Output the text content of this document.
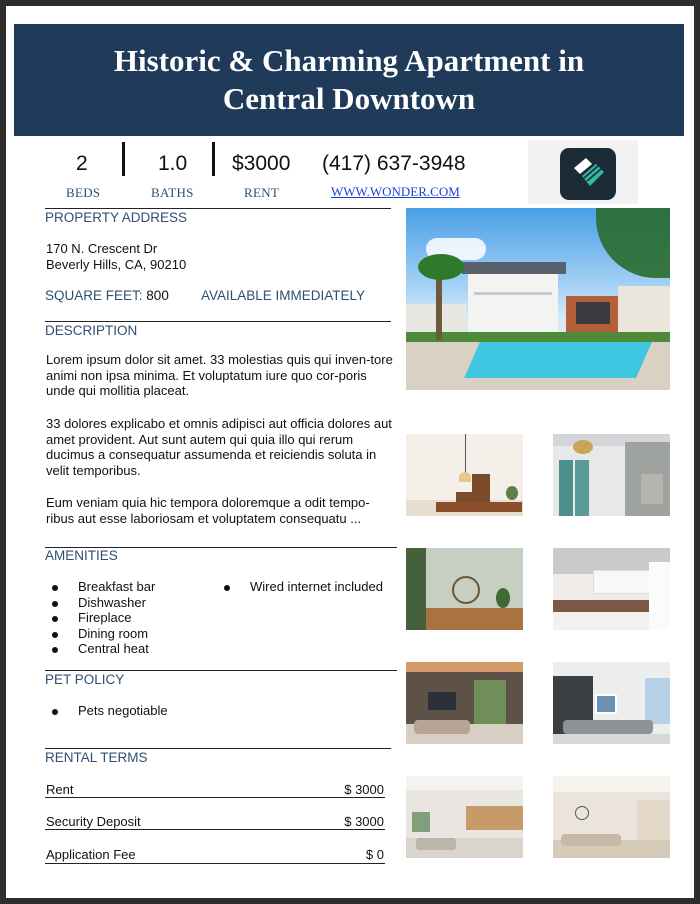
Historic & Charming Apartment in Central Downtown
2	1.0 $3000 (417) 637-3948
BEDS	BATHS	RENT	WWW.WONDER.COM
PROPERTY ADDRESS
170 N. Crescent Dr
Beverly Hills, CA, 90210
SQUARE FEET: 800 AVAILABLE IMMEDIATELY
DESCRIPTION
Lorem ipsum dolor sit amet. 33 molestias quis qui inven-tore animi non ipsa minima. Et voluptatum iure quo cor-poris unde qui mollitia placeat.
33 dolores explicabo et omnis adipisci aut officia dolores aut amet provident. Aut sunt autem qui quia illo qui rerum ducimus a consequatur assumenda et reiciendis soluta in velit temporibus.
Eum veniam quia hic tempora doloremque a odit tempo-ribus aut esse laboriosam et voluptatem consequatu ...
AMENITIES
Breakfast bar
Dishwasher
Fireplace
Dining room
Central heat
Wired internet included
PET POLICY
Pets negotiable
RENTAL TERMS
Rent	$ 3000
Security Deposit	$ 3000
Application Fee	$ 0
